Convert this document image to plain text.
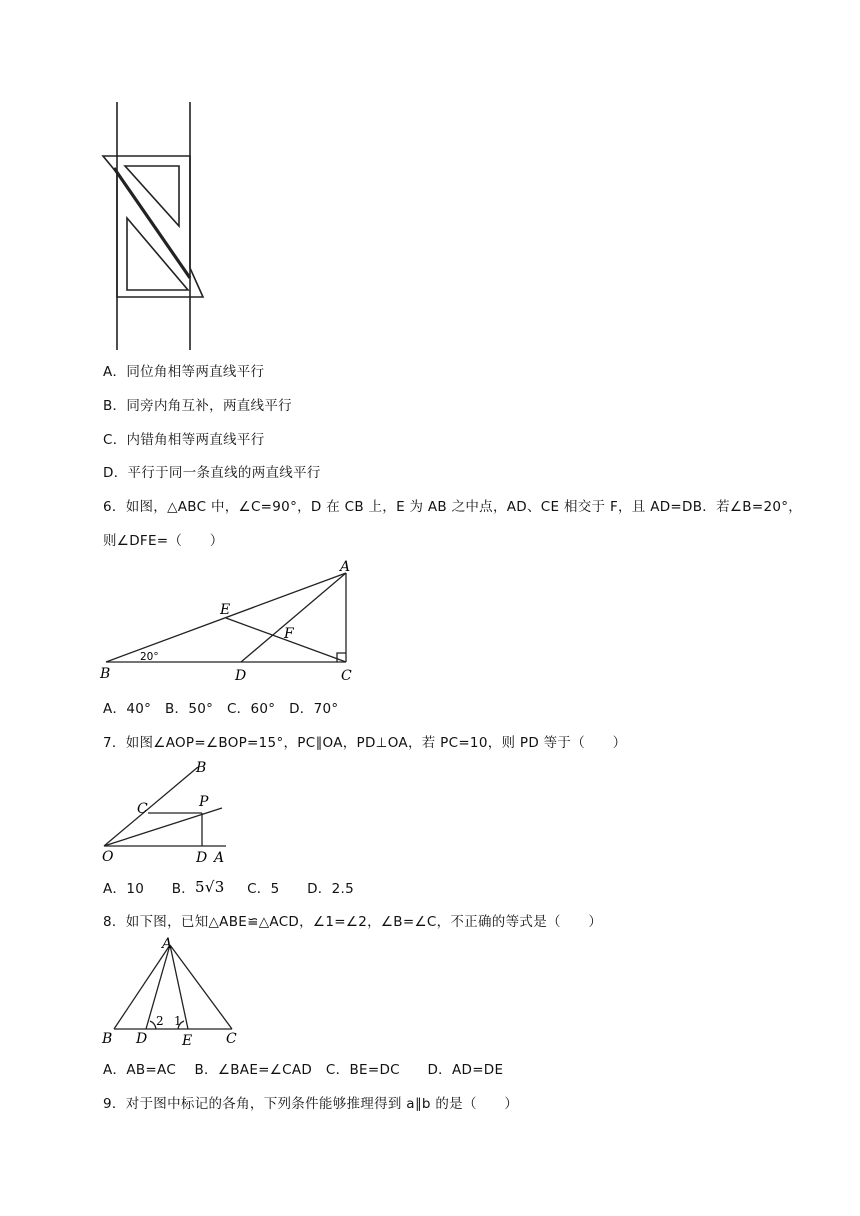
A．同位角相等两直线平行
B．同旁内角互补，两直线平行
C．内错角相等两直线平行
D．平行于同一条直线的两直线平行
6．如图，△ABC 中，∠C=90°，D 在 CB 上，E 为 AB 之中点，AD、CE 相交于 F，且 AD=DB．若∠B=20°，
则∠DFE=（　　）
A
E
F
B	D	C
20°
A．40°　B．50°　C．60°　D．70°
7．如图∠AOP=∠BOP=15°，PC∥OA，PD⊥OA，若 PC=10，则 PD 等于（　　）
B
C	P
O	D A
A．10　　B． 5√3 C．5　　D．2.5
8．如下图，已知△ABE≌△ACD，∠1=∠2，∠B=∠C，不正确的等式是（　　）
A
2 1
B D E C
A．AB=AC　 B．∠BAE=∠CAD　C．BE=DC　　D．AD=DE
9．对于图中标记的各角，下列条件能够推理得到 a∥b 的是（　　）
